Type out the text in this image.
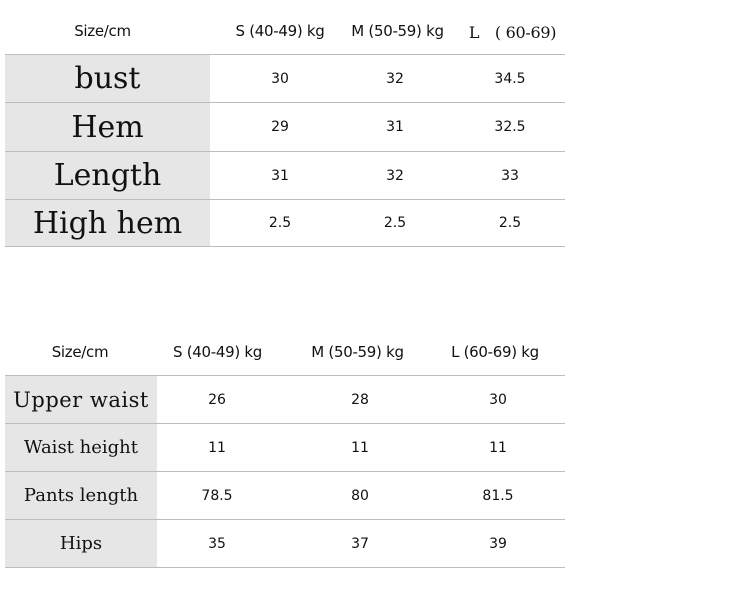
Size/cm	S (40-49) kg	M (50-59) kg	L　( 60-69)
bust	30	32	34.5
Hem	29	31	32.5
Length	31	32	33
High hem	2.5	2.5	2.5
Size/cm	S (40-49) kg	M (50-59) kg	L (60-69) kg
Upper waist	26	28	30
Waist height	11	11	11
Pants length	78.5	80	81.5
Hips	35	37	39
